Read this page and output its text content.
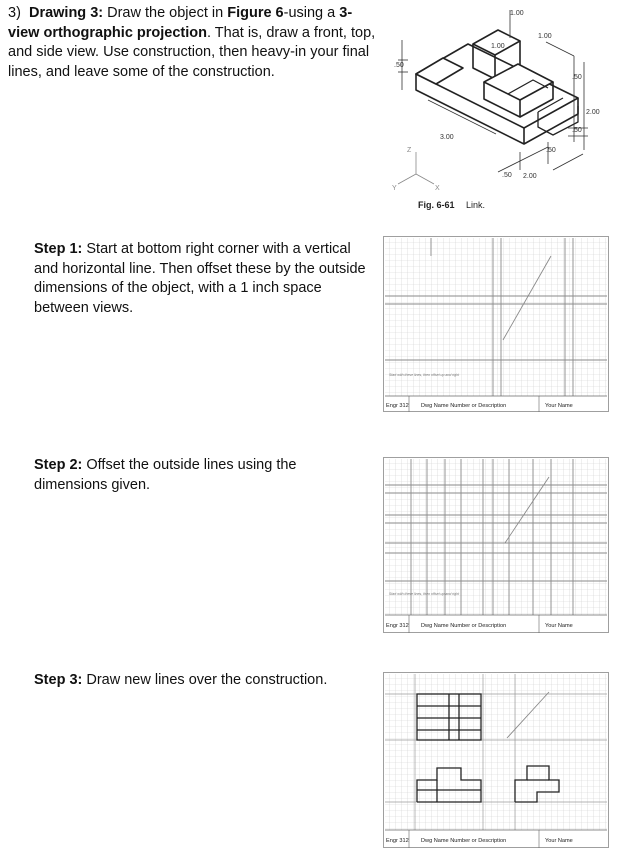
3) Drawing 3: Draw the object in Figure 6-using a 3-view orthographic projection. That is, draw a front, top, and side view. Use construction, then heavy-in your final lines, and leave some of the construction.
1.00
1.00
1.00
.50
.50
2.00
.50
3.00
.50
.50 2.00
Z
Y	X
Fig. 6-61 Link.
Step 1: Start at bottom right corner with a vertical and horizontal line. Then offset these by the outside dimensions of the object, with a 1 inch space between views.
Step 2: Offset the outside lines using the dimensions given.
Step 3: Draw new lines over the construction.
Start with these lines, then offset up and right
Engr 312 Dwg Name Number or Description	Your Name
Start with these lines, then offset up and right
Engr 312 Dwg Name Number or Description	Your Name
Engr 312 Dwg Name Number or Description	Your Name
